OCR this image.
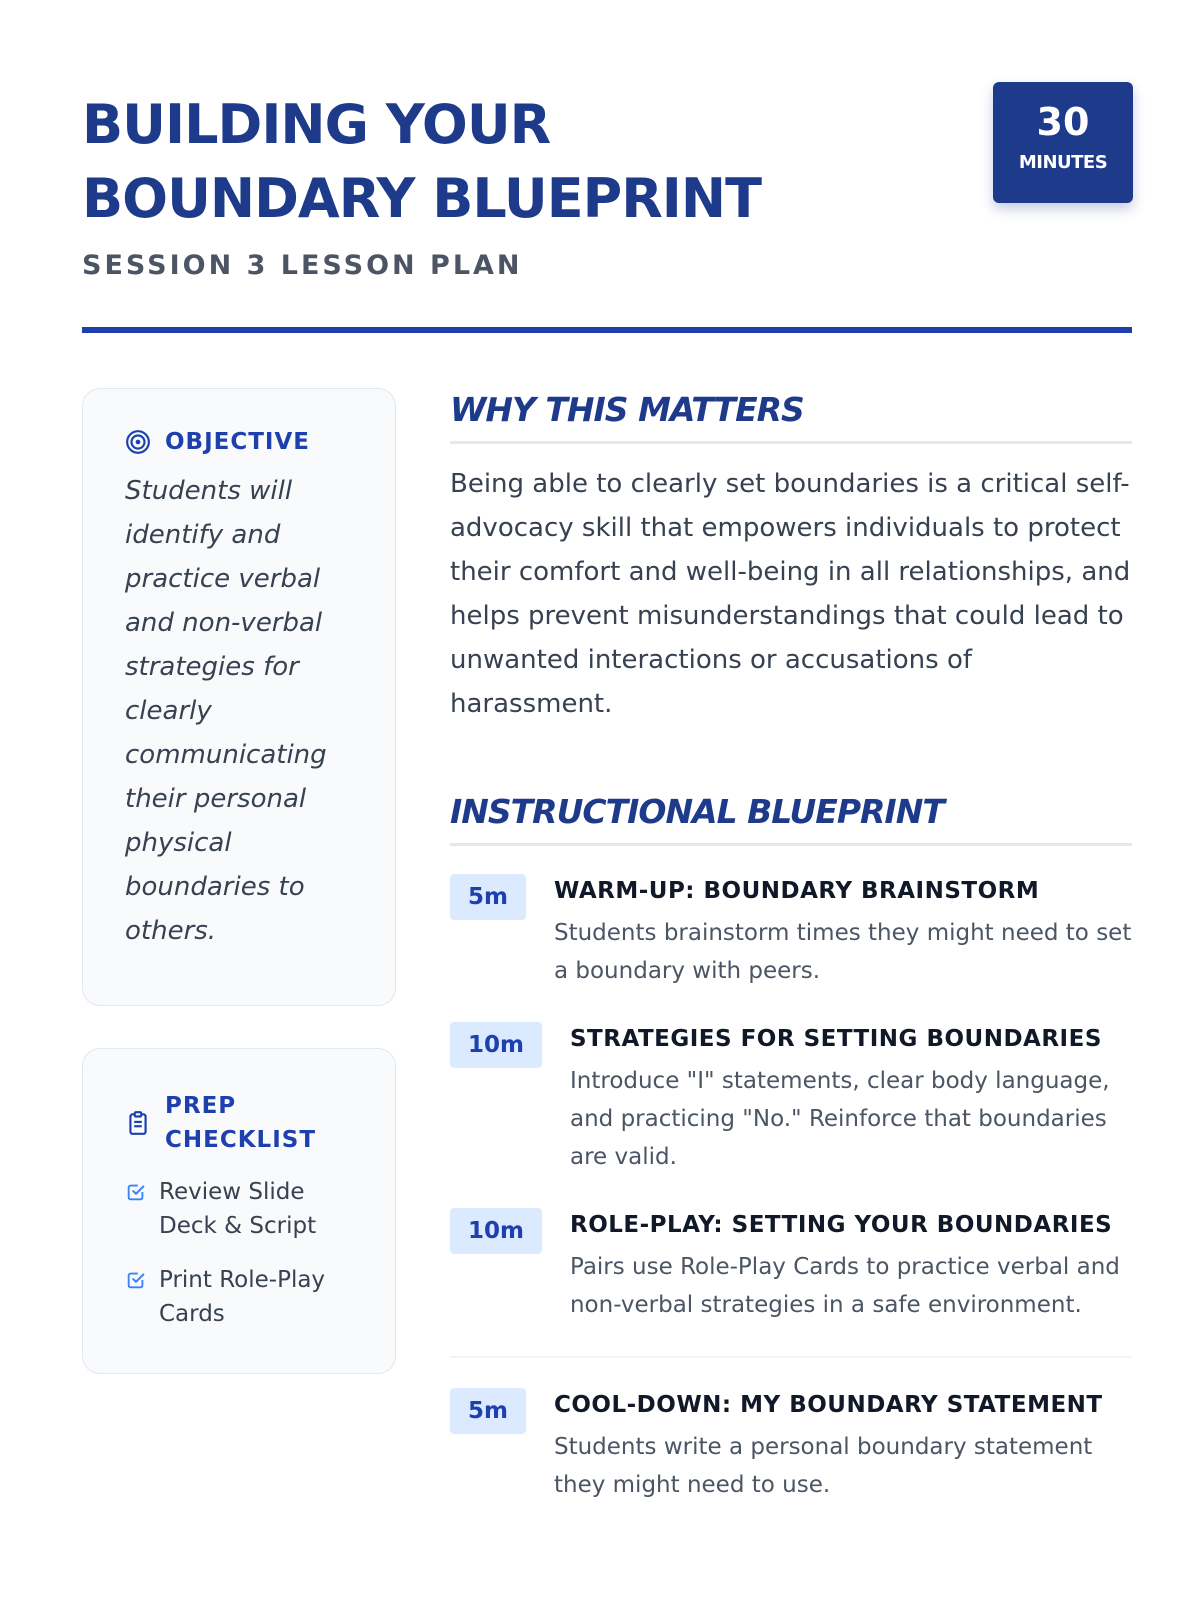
BUILDING YOUR BOUNDARY BLUEPRINT
SESSION 3 LESSON PLAN
30
MINUTES
OBJECTIVE

Students will identify and practice verbal and non-verbal strategies for clearly communicating their personal physical boundaries to others.

PREP CHECKLIST
Review Slide Deck & Script
Print Role-Play Cards
WHY THIS MATTERS

Being able to clearly set boundaries is a critical self-advocacy skill that empowers individuals to protect their comfort and well-being in all relationships, and helps prevent misunderstandings that could lead to unwanted interactions or accusations of harassment.

INSTRUCTIONAL BLUEPRINT
5m	WARM-UP: BOUNDARY BRAINSTORM
Students brainstorm times they might need to set a boundary with peers.
10m	STRATEGIES FOR SETTING BOUNDARIES
Introduce "I" statements, clear body language, and practicing "No." Reinforce that boundaries are valid.
10m	ROLE-PLAY: SETTING YOUR BOUNDARIES
Pairs use Role-Play Cards to practice verbal and non-verbal strategies in a safe environment.
5m	COOL-DOWN: MY BOUNDARY STATEMENT
Students write a personal boundary statement they might need to use.
